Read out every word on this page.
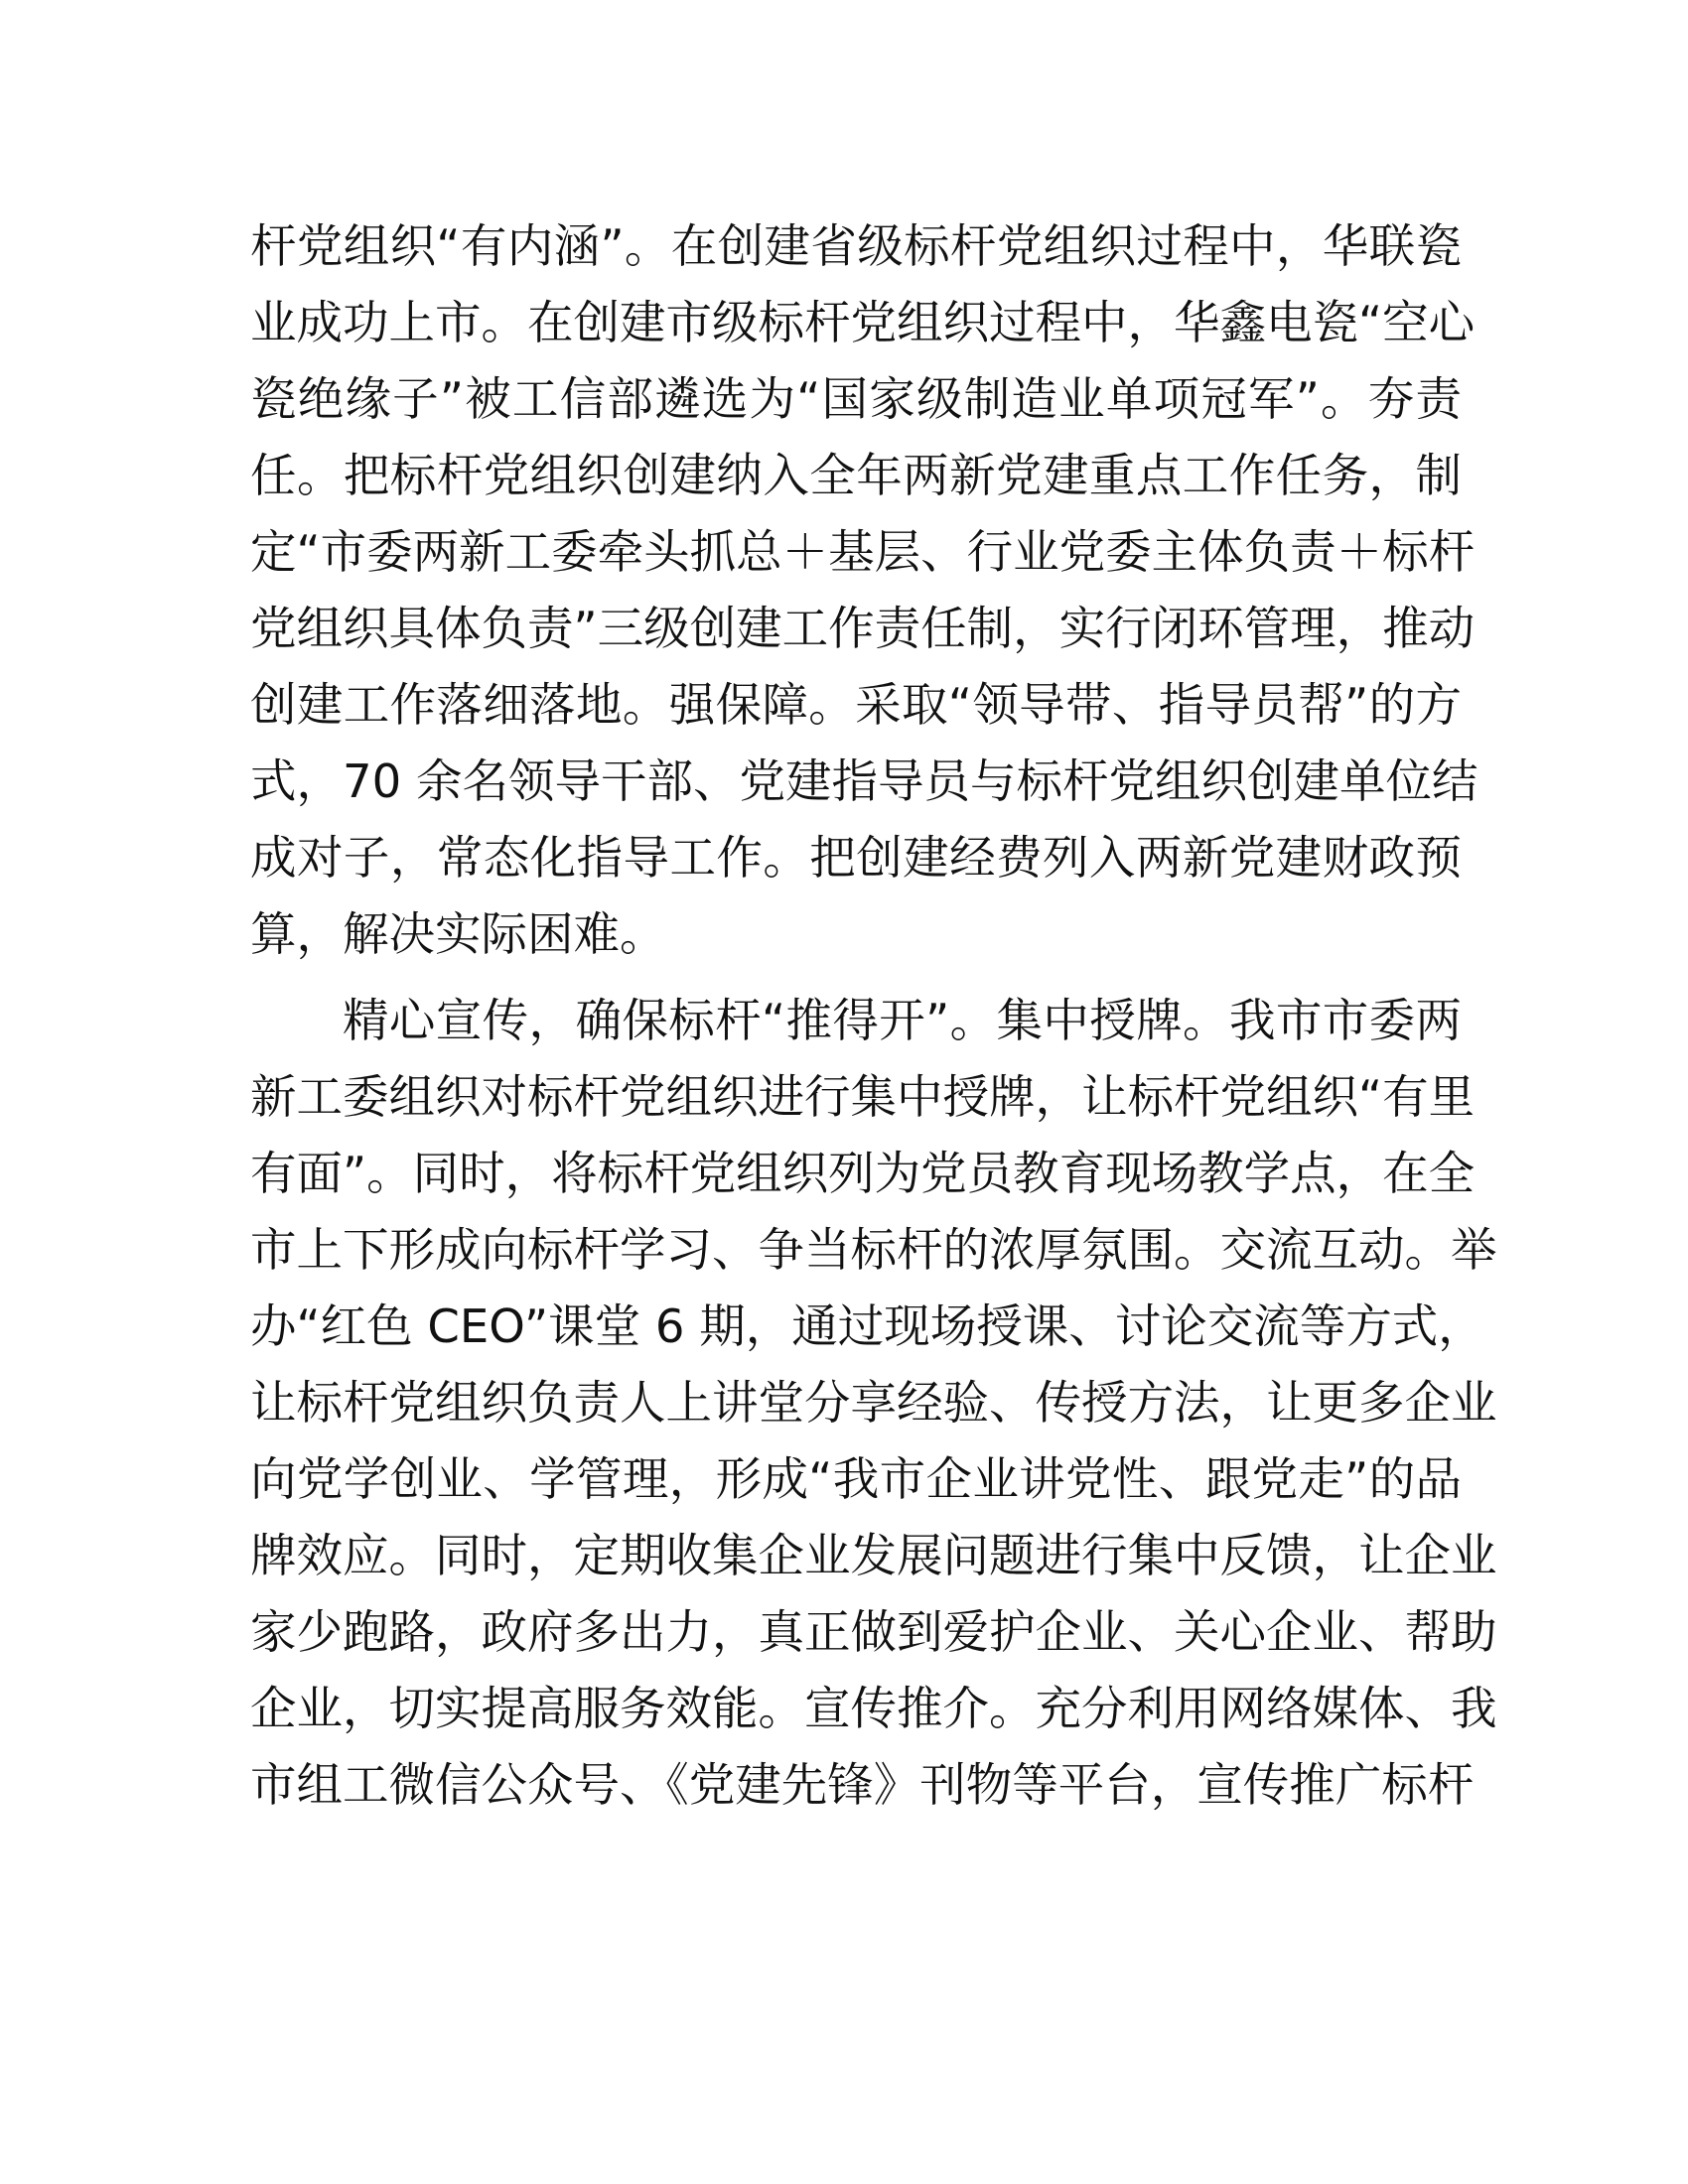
杆党组织“有内涵”。在创建省级标杆党组织过程中，华联瓷
业成功上市。在创建市级标杆党组织过程中，华鑫电瓷“空心
瓷绝缘子”被工信部遴选为“国家级制造业单项冠军”。夯责
任。把标杆党组织创建纳入全年两新党建重点工作任务，制
定“市委两新工委牵头抓总＋基层、行业党委主体负责＋标杆
党组织具体负责”三级创建工作责任制，实行闭环管理，推动
创建工作落细落地。强保障。采取“领导带、指导员帮”的方
式，70 余名领导干部、党建指导员与标杆党组织创建单位结
成对子，常态化指导工作。把创建经费列入两新党建财政预
算，解决实际困难。
精心宣传，确保标杆“推得开”。集中授牌。我市市委两
新工委组织对标杆党组织进行集中授牌，让标杆党组织“有里
有面”。同时，将标杆党组织列为党员教育现场教学点，在全
市上下形成向标杆学习、争当标杆的浓厚氛围。交流互动。举
办“红色 CEO”课堂 6 期，通过现场授课、讨论交流等方式，
让标杆党组织负责人上讲堂分享经验、传授方法，让更多企业
向党学创业、学管理，形成“我市企业讲党性、跟党走”的品
牌效应。同时，定期收集企业发展问题进行集中反馈，让企业
家少跑路，政府多出力，真正做到爱护企业、关心企业、帮助
企业，切实提高服务效能。宣传推介。充分利用网络媒体、我
市组工微信公众号、《党建先锋》刊物等平台，宣传推广标杆
